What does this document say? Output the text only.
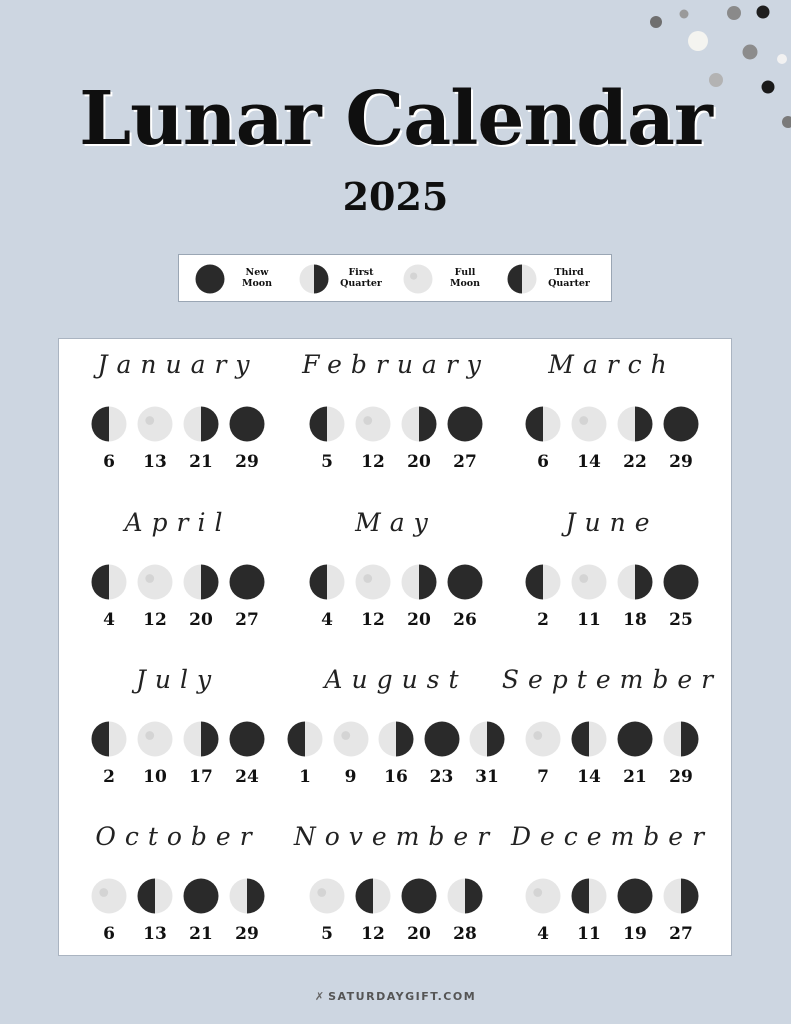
Lunar Calendar
2025
New
Moon
First
Quarter
Full
Moon
Third
Quarter
January
6	13	21	29
February
5	12	20	27
March
6	14	22	29
April
4	12	20	27
May
4	12	20	26
June
2	11	18	25
July
2	10	17	24
August
1	9	16	23	31
September
7	14	21	29
October
6	13	21	29
November
5	12	20	28
December
4	11	19	27
✗ SATURDAYGIFT.COM
